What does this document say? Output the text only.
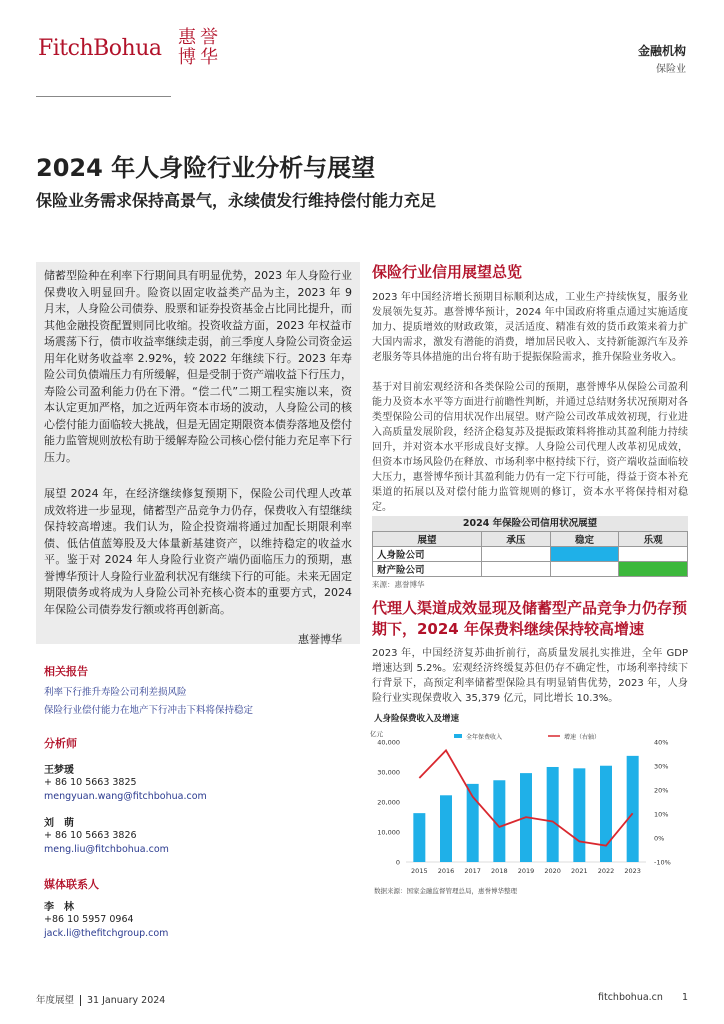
FitchBohua 惠誉
博华	金融机构
保险业
2024 年人身险行业分析与展望
保险业务需求保持高景气，永续债发行维持偿付能力充足
储蓄型险种在利率下行期间具有明显优势，2023 年人身险行业保费收入明显回升。险资以固定收益类产品为主，2023 年 9 月末，人身险公司债券、股票和证券投资基金占比同比提升，而其他金融投资配置则同比收缩。投资收益方面，2023 年权益市场震荡下行，债市收益率继续走弱，前三季度人身险公司资金运用年化财务收益率 2.92%，较 2022 年继续下行。2023 年寿险公司负债端压力有所缓解，但是受制于资产端收益下行压力，寿险公司盈利能力仍在下滑。“偿二代”二期工程实施以来，资本认定更加严格，加之近两年资本市场的波动，人身险公司的核心偿付能力面临较大挑战，但是无固定期限资本债券落地及偿付能力监管规则放松有助于缓解寿险公司核心偿付能力充足率下行压力。
展望 2024 年，在经济继续修复预期下，保险公司代理人改革成效将进一步显现，储蓄型产品竞争力仍存，保费收入有望继续保持较高增速。我们认为，险企投资端将通过加配长期限利率债、低估值蓝筹股及大体量新基建资产，以维持稳定的收益水平。鉴于对 2024 年人身险行业资产端仍面临压力的预期，惠誉博华预计人身险行业盈利状况有继续下行的可能。未来无固定期限债务或将成为人身险公司补充核心资本的重要方式，2024 年保险公司债券发行额或将再创新高。
惠誉博华
相关报告
利率下行推升寿险公司利差损风险
保险行业偿付能力在地产下行冲击下料将保持稳定
分析师
王梦瑗
+ 86 10 5663 3825
mengyuan.wang@fitchbohua.com
刘　萌
+ 86 10 5663 3826
meng.liu@fitchbohua.com
媒体联系人
李　林
+86 10 5957 0964
jack.li@thefitchgroup.com
保险行业信用展望总览
2023 年中国经济增长预期目标顺利达成，工业生产持续恢复，服务业发展领先复苏。惠誉博华预计，2024 年中国政府将重点通过实施适度加力、提质增效的财政政策，灵活适度、精准有效的货币政策来着力扩大国内需求，激发有潜能的消费，增加居民收入、支持新能源汽车及养老服务等具体措施的出台将有助于提振保险需求，推升保险业务收入。
基于对目前宏观经济和各类保险公司的预期，惠誉博华从保险公司盈利能力及资本水平等方面进行前瞻性判断，并通过总结财务状况预期对各类型保险公司的信用状况作出展望。财产险公司改革成效初现，行业进入高质量发展阶段，经济企稳复苏及提振政策料将推动其盈利能力持续回升，并对资本水平形成良好支撑。人身险公司代理人改革初见成效，但资本市场风险仍在释放、市场利率中枢持续下行，资产端收益面临较大压力，惠誉博华预计其盈利能力仍有一定下行可能，得益于资本补充渠道的拓展以及对偿付能力监管规则的修订，资本水平将保持相对稳定。
2024 年保险公司信用状况展望
展望	承压	稳定	乐观
人身险公司			
财产险公司			
来源：惠誉博华
代理人渠道成效显现及储蓄型产品竞争力仍存预期下，2024 年保费料继续保持较高增速
2023 年，中国经济复苏曲折前行，高质量发展扎实推进，全年 GDP 增速达到 5.2%。宏观经济终缓复苏但仍存不确定性，市场利率持续下行背景下，高预定利率储蓄型保险具有明显销售优势，2023 年，人身险行业实现保费收入 35,379 亿元，同比增长 10.3%。
人身险保费收入及增速
亿元	全年保费收入	增速（右轴）
0
10,000
20,000
30,000
40,000
-10%
0%
10%
20%
30%
40%
2015 2016 2017 2018 2019 2020 2021 2022 2023
数据来源：国家金融监督管理总局，惠誉博华整理
年度展望 31 January 2024	fitchbohua.cn 1
